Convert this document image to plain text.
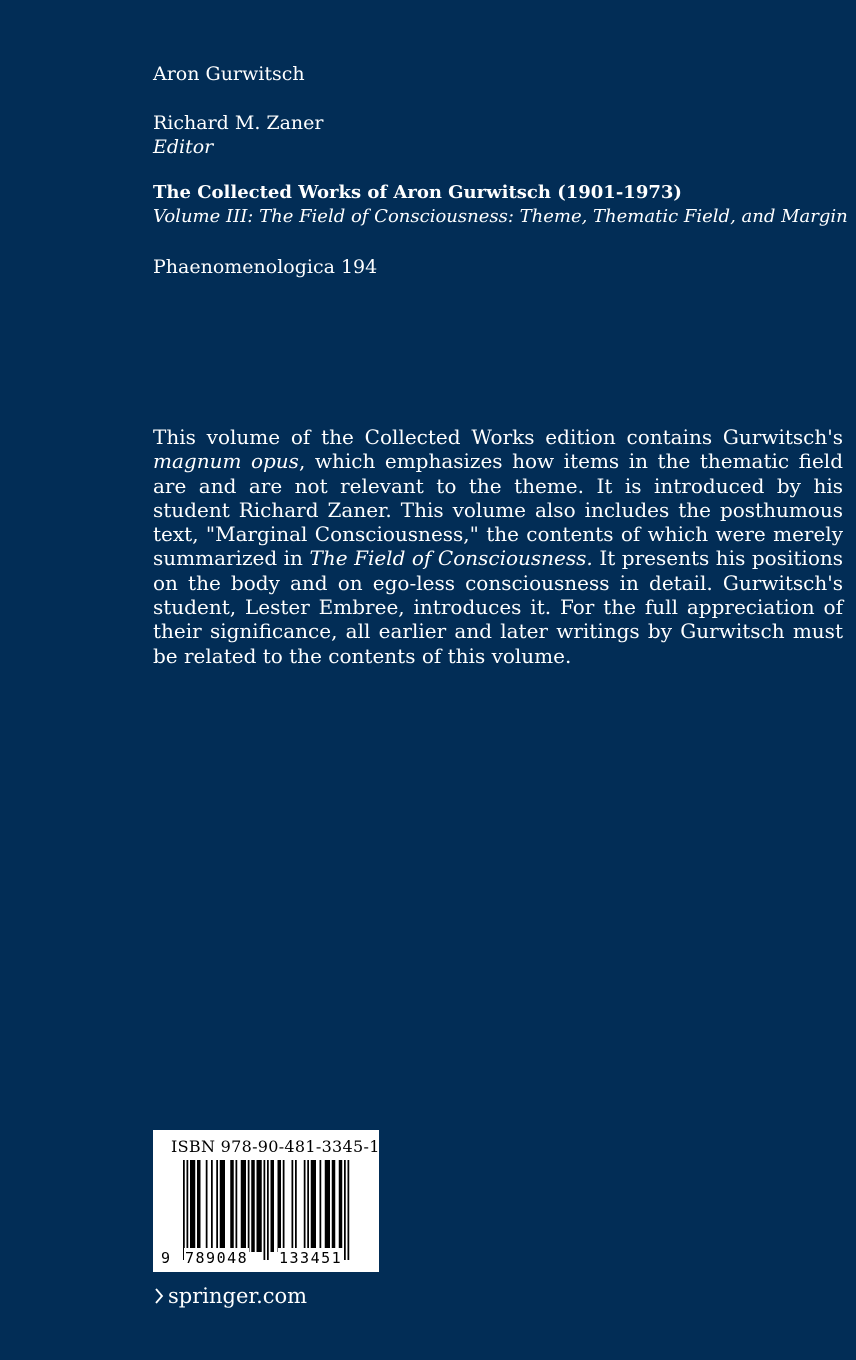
Aron Gurwitsch
Richard M. Zaner
Editor
The Collected Works of Aron Gurwitsch (1901-1973)
Volume III: The Field of Consciousness: Theme, Thematic Field, and Margin
Phaenomenologica 194
This volume of the Collected Works edition contains Gurwitsch's magnum opus, which emphasizes how items in the thematic field are and are not relevant to the theme. It is introduced by his student Richard Zaner. This volume also includes the posthumous text, "Marginal Consciousness," the contents of which were merely summarized in The Field of Consciousness. It presents his positions on the body and on ego-less consciousness in detail. Gurwitsch's student, Lester Embree, introduces it. For the full appreciation of their significance, all earlier and later writings by Gurwitsch must be related to the contents of this volume.
ISBN 978-90-481-3345-1
9 789048 133451
springer.com
